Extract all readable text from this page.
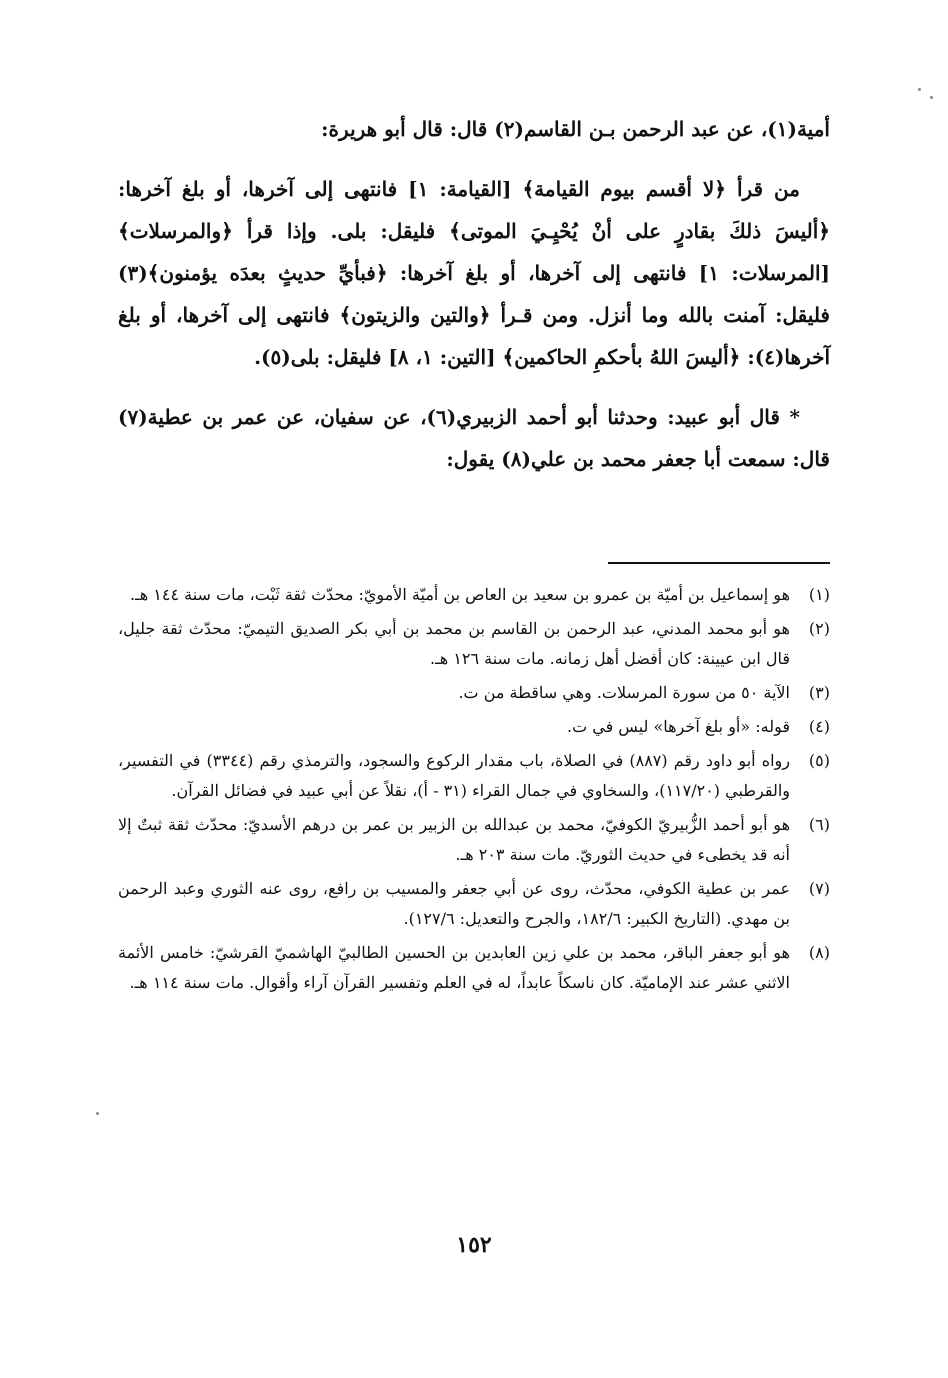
أمية(١)، عن عبد الرحمن بـن القاسم(٢) قال: قال أبو هريرة:

من قرأ ﴿لا أقسم بيوم القيامة﴾ [القيامة: ١] فانتهى إلى آخرها، أو بلغ آخرها: ﴿أليسَ ذلكَ بقادرٍ على أنْ يُحْيِـيَ الموتى﴾ فليقل: بلى. وإذا قرأ ﴿والمرسلات﴾ [المرسلات: ١] فانتهى إلى آخرها، أو بلغ آخرها: ﴿فبأيِّ حديثٍ بعدَه يؤمنون﴾(٣) فليقل: آمنت بالله وما أنزل. ومن قـرأ ﴿والتين والزيتون﴾ فانتهى إلى آخرها، أو بلغ آخرها(٤): ﴿أليسَ اللهُ بأحكمِ الحاكمين﴾ [التين: ١، ٨] فليقل: بلى(٥).

* قال أبو عبيد: وحدثنا أبو أحمد الزبيري(٦)، عن سفيان، عن عمر بن عطية(٧) قال: سمعت أبا جعفر محمد بن علي(٨) يقول:

(١)هو إسماعيل بن أميّة بن عمرو بن سعيد بن العاص بن أميّة الأمويّ: محدّث ثقة ثَبْت، مات سنة ١٤٤ هـ.

(٢)هو أبو محمد المدني، عبد الرحمن بن القاسم بن محمد بن أبي بكر الصديق التيميّ: محدّث ثقة جليل، قال ابن عيينة: كان أفضل أهل زمانه. مات سنة ١٢٦ هـ.

(٣)الآية ٥٠ من سورة المرسلات. وهي ساقطة من ت.

(٤)قوله: «أو بلغ آخرها» ليس في ت.

(٥)رواه أبو داود رقم (٨٨٧) في الصلاة، باب مقدار الركوع والسجود، والترمذي رقم (٣٣٤٤) في التفسير، والقرطبي (١١٧/٢٠)، والسخاوي في جمال القراء (٣١ - أ)، نقلاً عن أبي عبيد في فضائل القرآن.

(٦)هو أبو أحمد الزُّبيريّ الكوفيّ، محمد بن عبدالله بن الزبير بن عمر بن درهم الأسديّ: محدّث ثقة ثبتٌ إلا أنه قد يخطىء في حديث الثوريّ. مات سنة ٢٠٣ هـ.

(٧)عمر بن عطية الكوفي، محدّث، روى عن أبي جعفر والمسيب بن رافع، روى عنه الثوري وعبد الرحمن بن مهدي. (التاريخ الكبير: ١٨٢/٦، والجرح والتعديل: ١٢٧/٦).

(٨)هو أبو جعفر الباقر، محمد بن علي زين العابدين بن الحسين الطالبيّ الهاشميّ القرشيّ: خامس الأئمة الاثني عشر عند الإماميّة. كان ناسكاً عابداً، له في العلم وتفسير القرآن آراء وأقوال. مات سنة ١١٤ هـ.

١٥٢
